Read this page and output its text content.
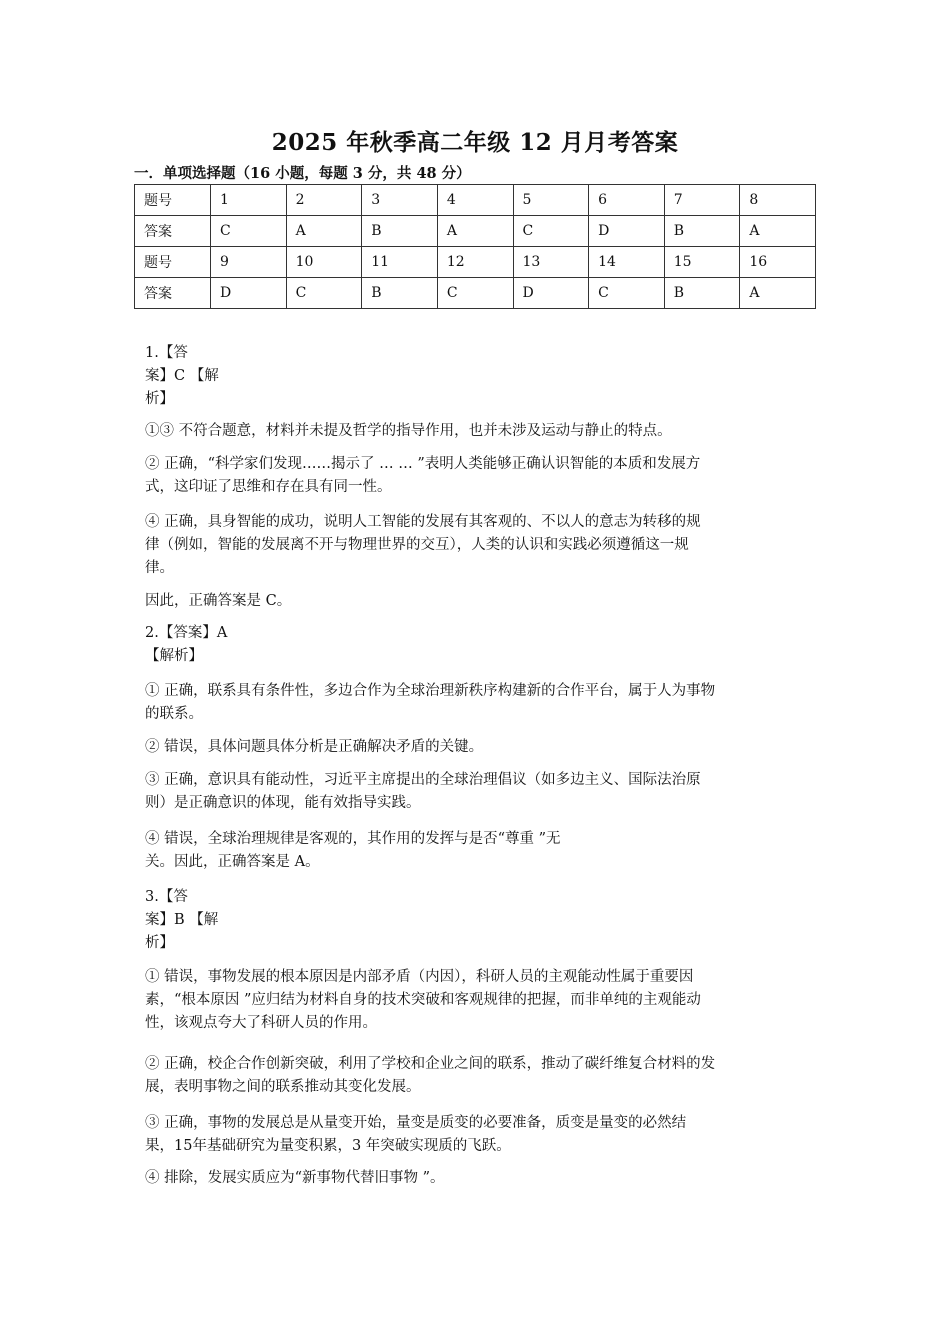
2025 年秋季高二年级 12 月月考答案
一．单项选择题（16 小题，每题 3 分，共 48 分）
题号	1	2	3	4	5	6	7	8
答案	C	A	B	A	C	D	B	A
题号	9	10	11	12	13	14	15	16
答案	D	C	B	C	D	C	B	A
1.【答
案】C 【解
析】
①③ 不符合题意，材料并未提及哲学的指导作用，也并未涉及运动与静止的特点。
② 正确，“科学家们发现……揭示了 … … ”表明人类能够正确认识智能的本质和发展方
式，这印证了思维和存在具有同一性。
④ 正确，具身智能的成功，说明人工智能的发展有其客观的、不以人的意志为转移的规
律（例如，智能的发展离不开与物理世界的交互），人类的认识和实践必须遵循这一规
律。
因此，正确答案是 C。
2.【答案】A
【解析】
① 正确，联系具有条件性，多边合作为全球治理新秩序构建新的合作平台，属于人为事物
的联系。
② 错误，具体问题具体分析是正确解决矛盾的关键。
③ 正确，意识具有能动性，习近平主席提出的全球治理倡议（如多边主义、国际法治原
则）是正确意识的体现，能有效指导实践。
④ 错误，全球治理规律是客观的，其作用的发挥与是否“尊重 ”无
关。因此，正确答案是 A。
3.【答
案】B 【解
析】
① 错误，事物发展的根本原因是内部矛盾（内因），科研人员的主观能动性属于重要因
素，“根本原因 ”应归结为材料自身的技术突破和客观规律的把握，而非单纯的主观能动
性，该观点夸大了科研人员的作用。
② 正确，校企合作创新突破，利用了学校和企业之间的联系，推动了碳纤维复合材料的发
展，表明事物之间的联系推动其变化发展。
③ 正确，事物的发展总是从量变开始，量变是质变的必要准备，质变是量变的必然结
果，15年基础研究为量变积累，3 年突破实现质的飞跃。
④ 排除，发展实质应为“新事物代替旧事物 ”。
